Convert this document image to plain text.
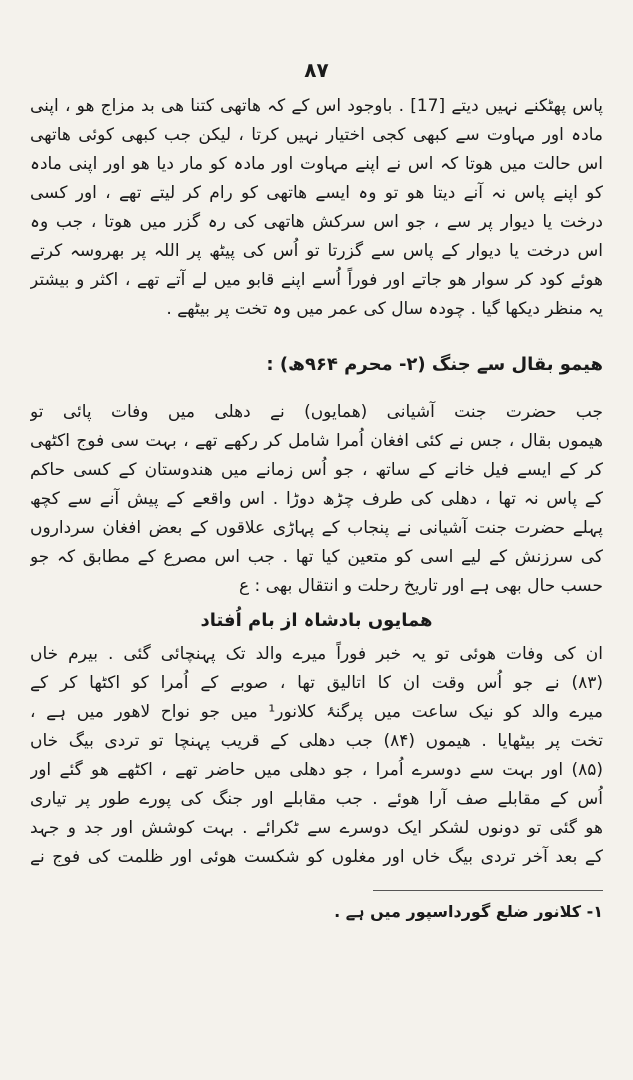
۸۷
پاس پھٹکنے نہیں دیتے [17] . باوجود اس کے کہ ھاتھی کتنا ھی بد مزاج ھو ، اپنی
مادہ اور مہاوت سے کبھی کجی اختیار نہیں کرتا ، لیکن جب کبھی کوئی ھاتھی
اس حالت میں ھوتا کہ اس نے اپنے مہاوت اور مادہ کو مار دیا ھو اور اپنی مادہ
کو اپنے پاس نہ آنے دیتا ھو تو وہ ایسے ھاتھی کو رام کر لیتے تھے ، اور کسی
درخت یا دیوار پر سے ، جو اس سرکش ھاتھی کی رہ گزر میں ھوتا ، جب وہ
اس درخت یا دیوار کے پاس سے گزرتا تو اُس کی پیٹھ پر اللہ پر بھروسہ کرتے
ھوئے کود کر سوار ھو جاتے اور فوراً اُسے اپنے قابو میں لے آتے تھے ، اکثر و بیشتر
یہ منظر دیکھا گیا . چودہ سال کی عمر میں وہ تخت پر بیٹھے .
ھیمو بقال سے جنگ (۲- محرم ۹۶۴ھ) :
جب حضرت جنت آشیانی (ھمایوں) نے دھلی میں وفات پائی تو
ھیموں بقال ، جس نے کئی افغان اُمرا شامل کر رکھے تھے ، بہت سی فوج اکٹھی
کر کے ایسے فیل خانے کے ساتھ ، جو اُس زمانے میں ھندوستان کے کسی حاکم
کے پاس نہ تھا ، دھلی کی طرف چڑھ دوڑا . اس واقعے کے پیش آنے سے کچھ
پہلے حضرت جنت آشیانی نے پنجاب کے پہاڑی علاقوں کے بعض افغان سرداروں
کی سرزنش کے لیے اسی کو متعین کیا تھا . جب اس مصرع کے مطابق کہ جو
حسب حال بھی ہے اور تاریخ رحلت و انتقال بھی : ع
ھمایوں بادشاہ از بام اُفتاد
ان کی وفات ھوئی تو یہ خبر فوراً میرے والد تک پہنچائی گئی . بیرم خاں
(۸۳) نے جو اُس وقت ان کا اتالیق تھا ، صوبے کے اُمرا کو اکٹھا کر کے
میرے والد کو نیک ساعت میں پرگنۂ کلانور¹ میں جو نواح لاھور میں ہے ،
تخت پر بیٹھایا . ھیموں (۸۴) جب دھلی کے قریب پہنچا تو تردی بیگ خاں
(۸۵) اور بہت سے دوسرے اُمرا ، جو دھلی میں حاضر تھے ، اکٹھے ھو گئے اور
اُس کے مقابلے صف آرا ھوئے . جب مقابلے اور جنگ کی پورے طور پر تیاری
ھو گئی تو دونوں لشکر ایک دوسرے سے ٹکرائے . بہت کوشش اور جد و جہد
کے بعد آخر تردی بیگ خاں اور مغلوں کو شکست ھوئی اور ظلمت کی فوج نے
۱- کلانور ضلع گورداسپور میں ہے .
